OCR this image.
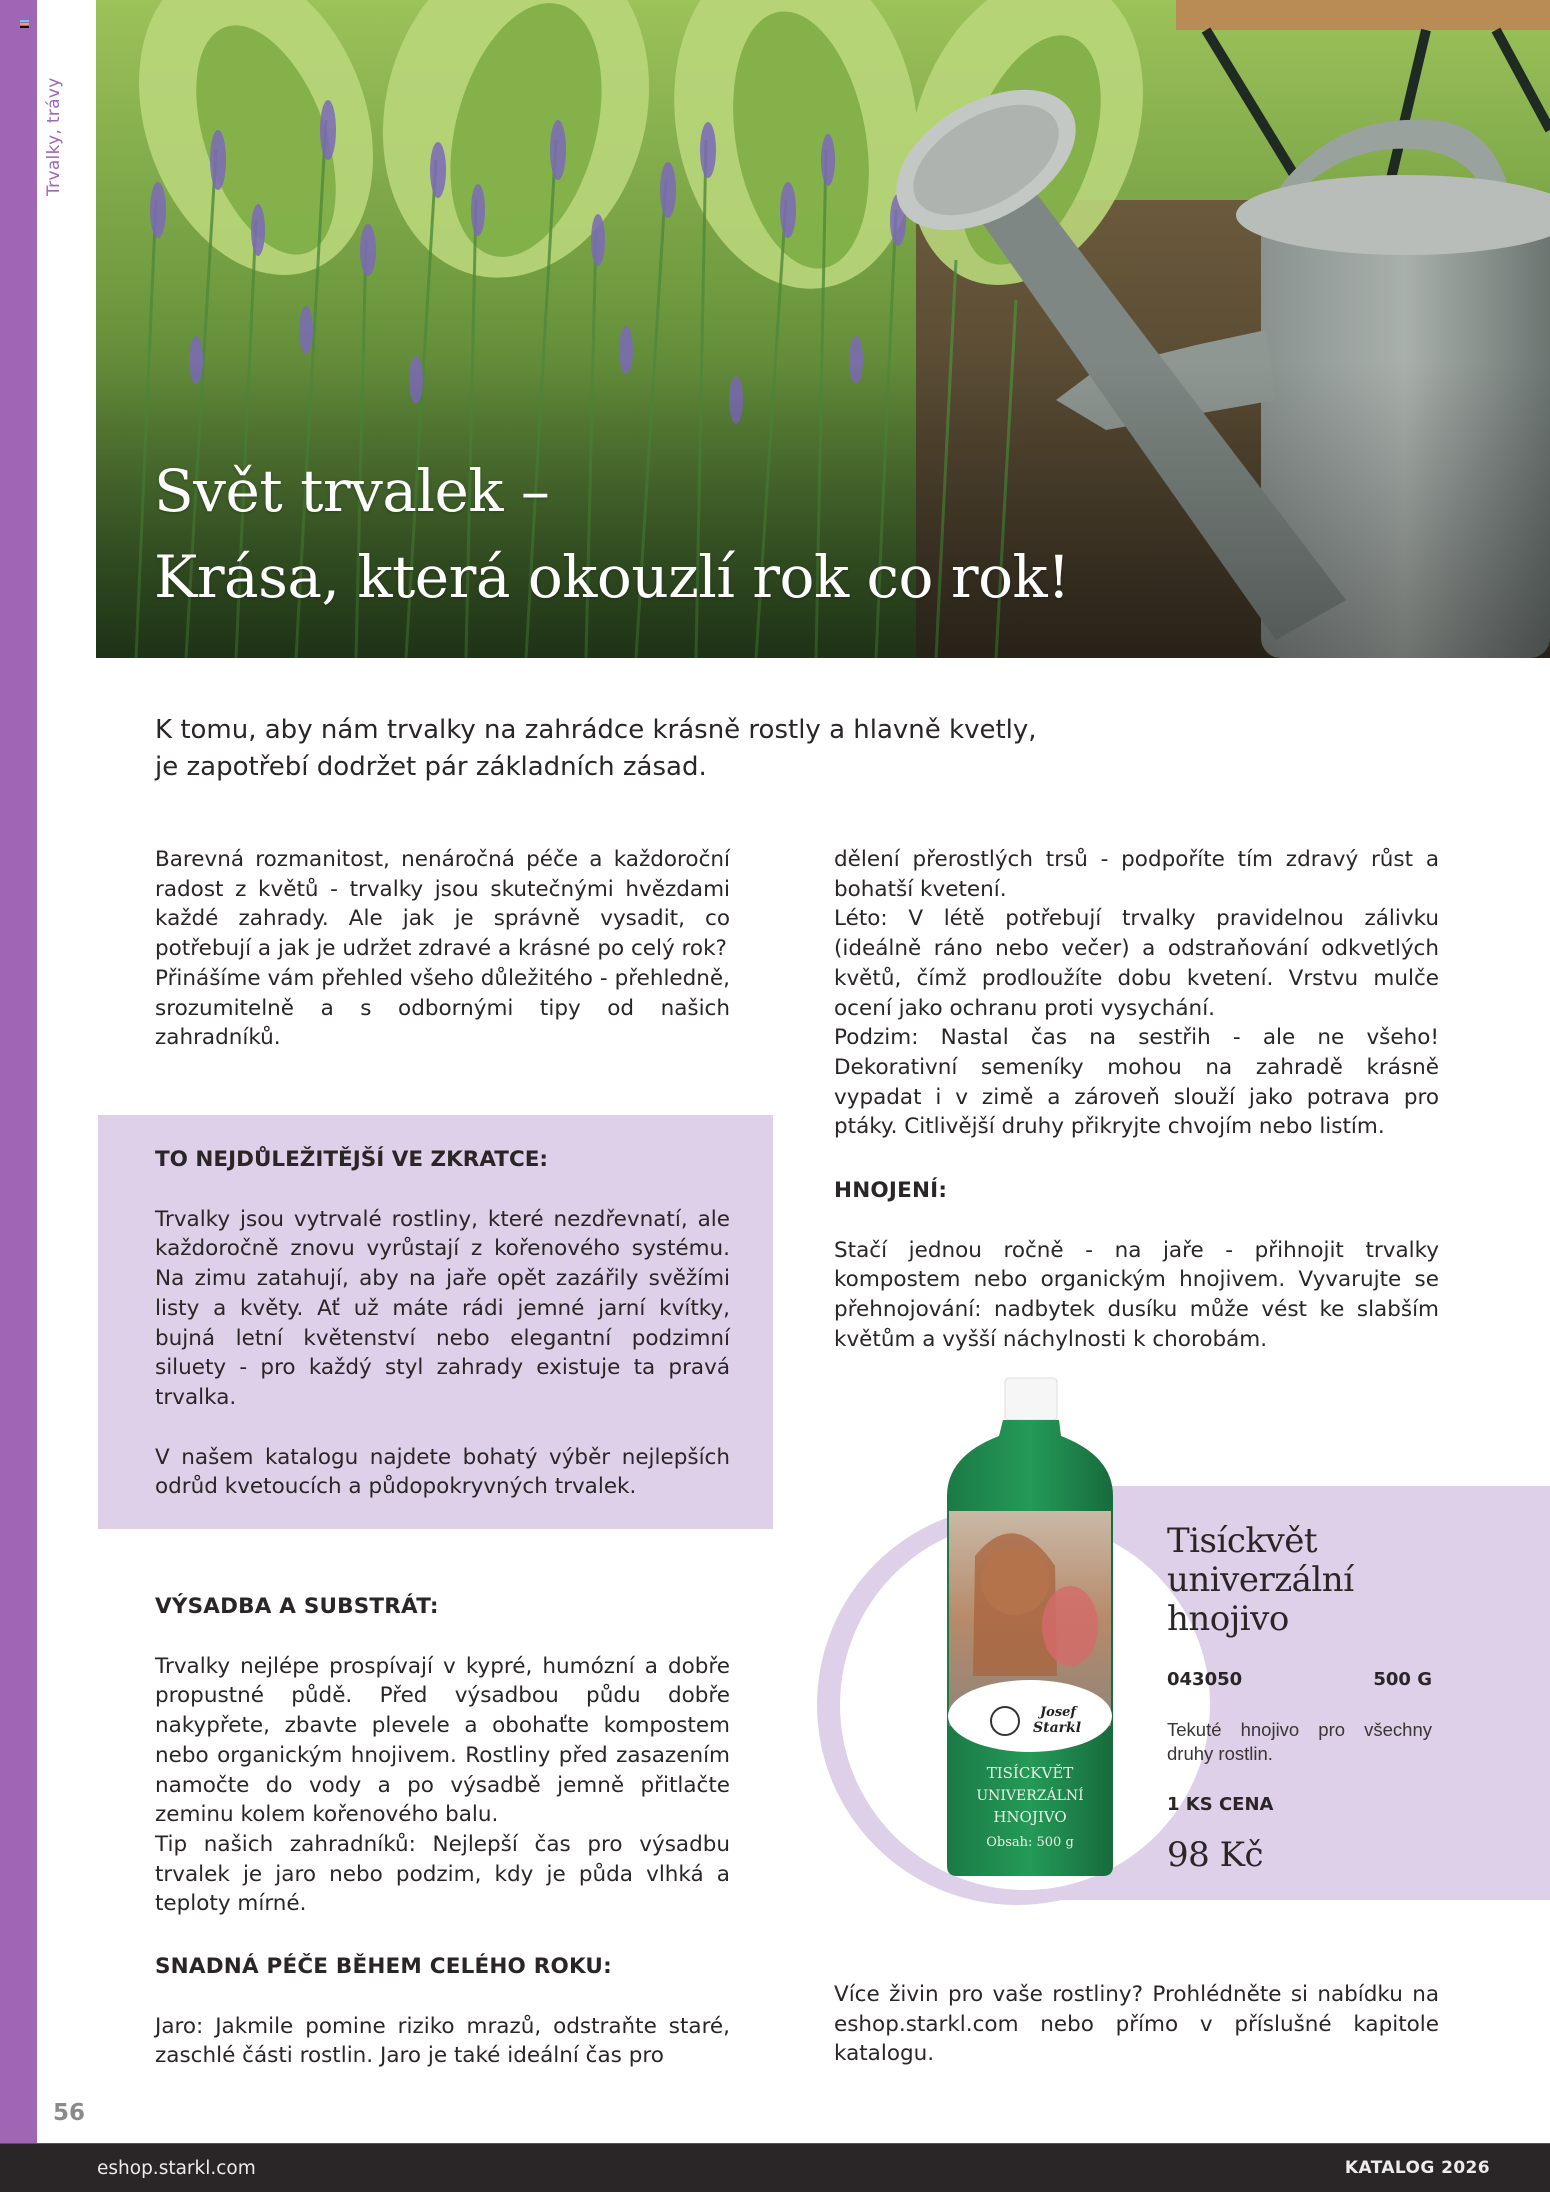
Trvalky, trávy
Svět trvalek –
Krása, která okouzlí rok co rok!
K tomu, aby nám trvalky na zahrádce krásně rostly a hlavně kvetly,
je zapotřebí dodržet pár základních zásad.

Barevná rozmanitost, nenáročná péče a každoroční radost z květů - trvalky jsou skutečnými hvězdami každé zahrady. Ale jak je správně vysadit, co potřebují a jak je udržet zdravé a krásné po celý rok?

Přinášíme vám přehled všeho důležitého - přehledně, srozumitelně a s odbornými tipy od našich zahradníků.

TO NEJDŮLEŽITĚJŠÍ VE ZKRATCE:

Trvalky jsou vytrvalé rostliny, které nezdřevnatí, ale každoročně znovu vyrůstají z kořenového systému. Na zimu zatahují, aby na jaře opět zazářily svěžími listy a květy. Ať už máte rádi jemné jarní kvítky, bujná letní květenství nebo elegantní podzimní siluety - pro každý styl zahrady existuje ta pravá trvalka.

V našem katalogu najdete bohatý výběr nejlepších odrůd kvetoucích a půdopokryvných trvalek.

VÝSADBA A SUBSTRÁT:

Trvalky nejlépe prospívají v kypré, humózní a dobře propustné půdě. Před výsadbou půdu dobře nakypřete, zbavte plevele a obohaťte kompostem nebo organickým hnojivem. Rostliny před zasazením namočte do vody a po výsadbě jemně přitlačte zeminu kolem kořenového balu.

Tip našich zahradníků: Nejlepší čas pro výsadbu trvalek je jaro nebo podzim, kdy je půda vlhká a teploty mírné.

SNADNÁ PÉČE BĚHEM CELÉHO ROKU:

Jaro: Jakmile pomine riziko mrazů, odstraňte staré, zaschlé části rostlin. Jaro je také ideální čas pro

dělení přerostlých trsů - podpoříte tím zdravý růst a bohatší kvetení.

Léto: V létě potřebují trvalky pravidelnou zálivku (ideálně ráno nebo večer) a odstraňování odkvetlých květů, čímž prodloužíte dobu kvetení. Vrstvu mulče ocení jako ochranu proti vysychání.

Podzim: Nastal čas na sestřih - ale ne všeho! Dekorativní semeníky mohou na zahradě krásně vypadat i v zimě a zároveň slouží jako potrava pro ptáky. Citlivější druhy přikryjte chvojím nebo listím.

HNOJENÍ:

Stačí jednou ročně - na jaře - přihnojit trvalky kompostem nebo organickým hnojivem. Vyvarujte se přehnojování: nadbytek dusíku může vést ke slabším květům a vyšší náchylnosti k chorobám.

Josef
Starkl
TISÍCKVĚT
UNIVERZÁLNÍ
HNOJIVO
Obsah: 500 g
Tisíckvět
univerzální
hnojivo
043050	500 G
Tekuté hnojivo pro všechny druhy rostlin.
1 KS CENA
98 Kč

Více živin pro vaše rostliny? Prohlédněte si nabídku na eshop.starkl.com nebo přímo v příslušné kapitole katalogu.

56
eshop.starkl.com	KATALOG 2026
